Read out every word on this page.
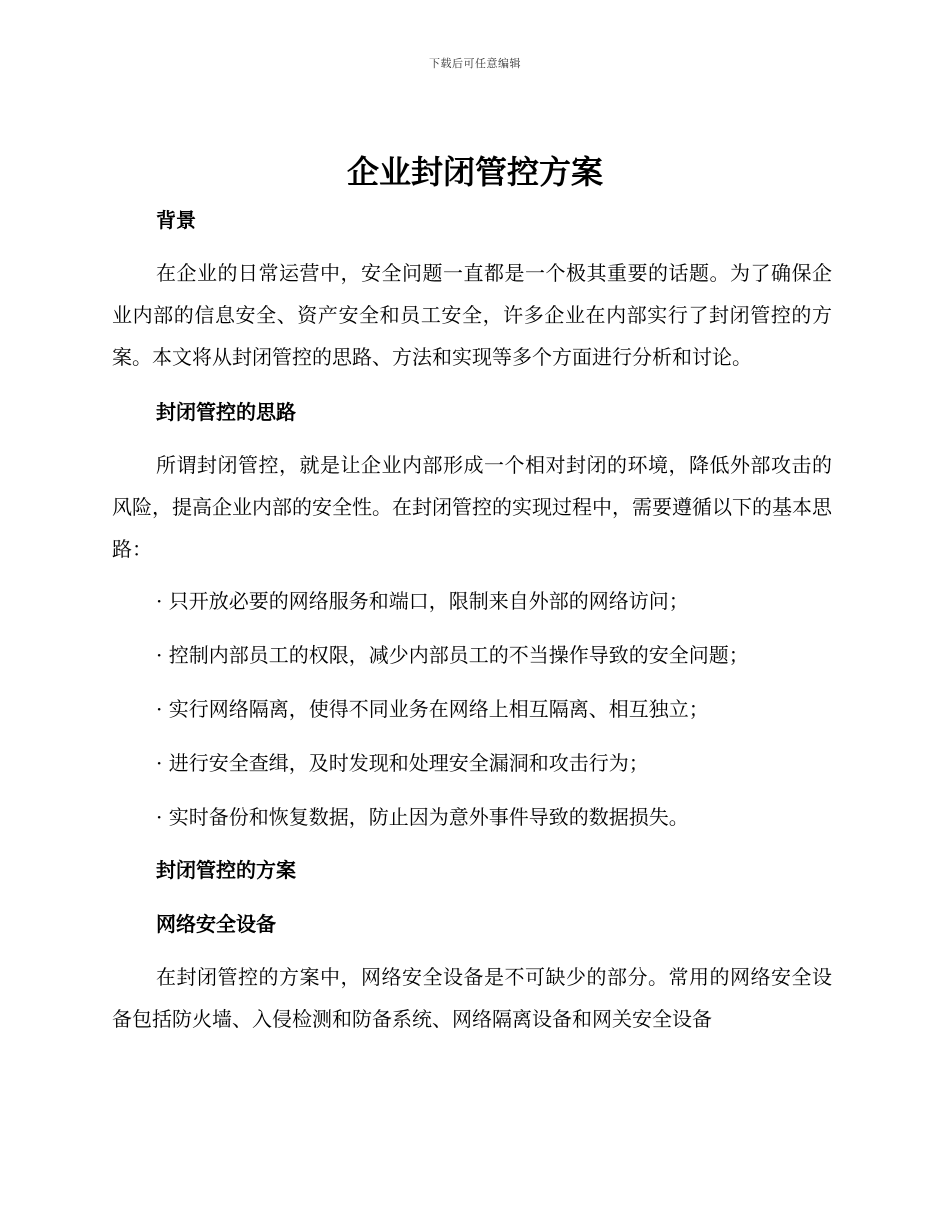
下载后可任意编辑
企业封闭管控方案
背景

在企业的日常运营中，安全问题一直都是一个极其重要的话题。为了确保企业内部的信息安全、资产安全和员工安全，许多企业在内部实行了封闭管控的方案。本文将从封闭管控的思路、方法和实现等多个方面进行分析和讨论。

封闭管控的思路

所谓封闭管控，就是让企业内部形成一个相对封闭的环境，降低外部攻击的风险，提高企业内部的安全性。在封闭管控的实现过程中，需要遵循以下的基本思路：

· 只开放必要的网络服务和端口，限制来自外部的网络访问；

· 控制内部员工的权限，减少内部员工的不当操作导致的安全问题；

· 实行网络隔离，使得不同业务在网络上相互隔离、相互独立；

· 进行安全查缉，及时发现和处理安全漏洞和攻击行为；

· 实时备份和恢复数据，防止因为意外事件导致的数据损失。

封闭管控的方案
网络安全设备

在封闭管控的方案中，网络安全设备是不可缺少的部分。常用的网络安全设备包括防火墙、入侵检测和防备系统、网络隔离设备和网关安全设备
